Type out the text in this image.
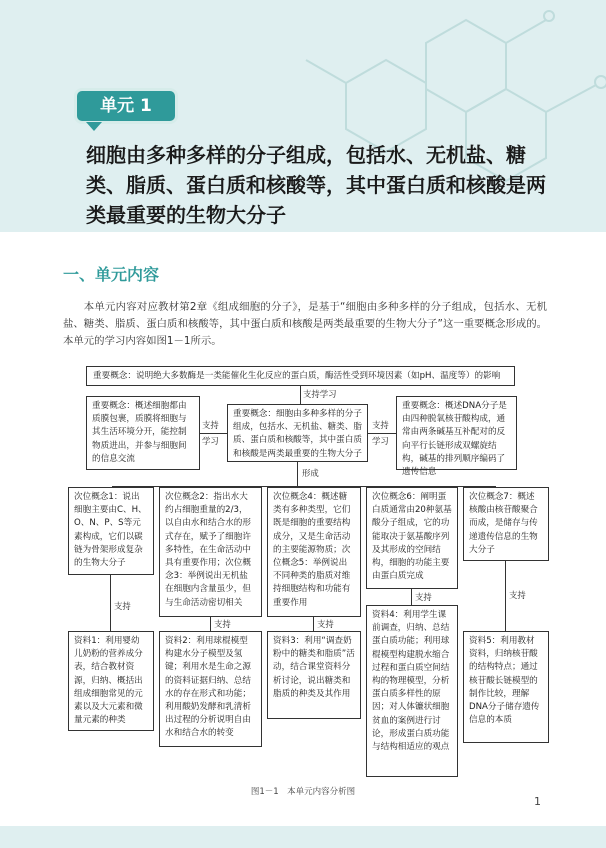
单元 1
细胞由多种多样的分子组成，包括水、无机盐、糖类、脂质、蛋白质和核酸等，其中蛋白质和核酸是两类最重要的生物大分子
一、单元内容

本单元内容对应教材第2章《组成细胞的分子》，是基于“细胞由多种多样的分子组成，包括水、无机盐、糖类、脂质、蛋白质和核酸等，其中蛋白质和核酸是两类最重要的生物大分子”这一重要概念形成的。本单元的学习内容如图1－1所示。

重要概念：说明绝大多数酶是一类能催化生化反应的蛋白质，酶活性受到环境因素（如pH、温度等）的影响
支持学习
重要概念：概述细胞都由质膜包裹，质膜将细胞与其生活环境分开，能控制物质进出，并参与细胞间的信息交流
重要概念：细胞由多种多样的分子组成，包括水、无机盐、糖类、脂质、蛋白质和核酸等，其中蛋白质和核酸是两类最重要的生物大分子
重要概念：概述DNA分子是由四种脱氧核苷酸构成，通常由两条碱基互补配对的反向平行长链形成双螺旋结构，碱基的排列顺序编码了遗传信息
支持
学习
支持
学习
形成
次位概念1：说出细胞主要由C、H、O、N、P、S等元素构成，它们以碳链为骨架形成复杂的生物大分子
次位概念2：指出水大约占细胞重量的2/3，以自由水和结合水的形式存在，赋予了细胞许多特性，在生命活动中具有重要作用；次位概念3：举例说出无机盐在细胞内含量虽少，但与生命活动密切相关
次位概念4：概述糖类有多种类型，它们既是细胞的重要结构成分，又是生命活动的主要能源物质；次位概念5：举例说出不同种类的脂质对维持细胞结构和功能有重要作用
次位概念6：阐明蛋白质通常由20种氨基酸分子组成，它的功能取决于氨基酸序列及其形成的空间结构，细胞的功能主要由蛋白质完成
次位概念7：概述核酸由核苷酸聚合而成，是储存与传递遗传信息的生物大分子
支持
支持	支持
支持	支持
资料1：利用婴幼儿奶粉的营养成分表，结合教材资源，归纳、概括出组成细胞常见的元素以及大元素和微量元素的种类
资料2：利用球棍模型构建水分子模型及氢键；利用水是生命之源的资料证据归纳、总结水的存在形式和功能；利用酸奶发酵和乳清析出过程的分析说明自由水和结合水的转变
资料3：利用“调查奶粉中的糖类和脂质”活动，结合课堂资料分析讨论，说出糖类和脂质的种类及其作用
资料4：利用学生课前调查，归纳、总结蛋白质功能；利用球棍模型构建脱水缩合过程和蛋白质空间结构的物理模型，分析蛋白质多样性的原因；对人体镰状细胞贫血的案例进行讨论，形成蛋白质功能与结构相适应的观点
资料5：利用教材资料，归纳核苷酸的结构特点；通过核苷酸长链模型的制作比较，理解DNA分子储存遗传信息的本质
图1－1　本单元内容分析图
1
